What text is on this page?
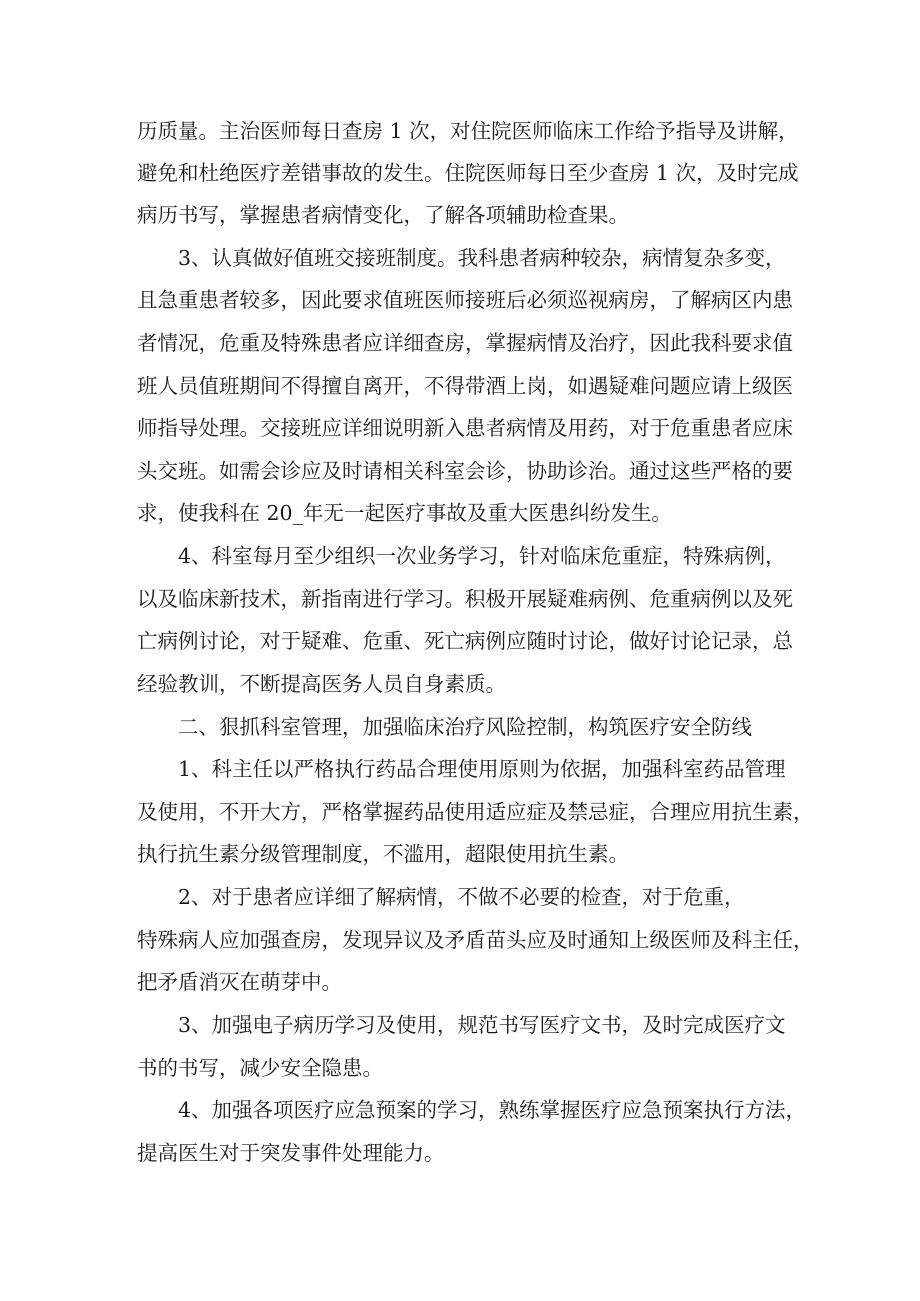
历质量。主治医师每日查房 1 次，对住院医师临床工作给予指导及讲解，
避免和杜绝医疗差错事故的发生。住院医师每日至少查房 1 次，及时完成
病历书写，掌握患者病情变化，了解各项辅助检查果。
3、认真做好值班交接班制度。我科患者病种较杂，病情复杂多变，
且急重患者较多，因此要求值班医师接班后必须巡视病房，了解病区内患
者情况，危重及特殊患者应详细查房，掌握病情及治疗，因此我科要求值
班人员值班期间不得擅自离开，不得带酒上岗，如遇疑难问题应请上级医
师指导处理。交接班应详细说明新入患者病情及用药，对于危重患者应床
头交班。如需会诊应及时请相关科室会诊，协助诊治。通过这些严格的要
求，使我科在 20_年无一起医疗事故及重大医患纠纷发生。
4、科室每月至少组织一次业务学习，针对临床危重症，特殊病例，
以及临床新技术，新指南进行学习。积极开展疑难病例、危重病例以及死
亡病例讨论，对于疑难、危重、死亡病例应随时讨论，做好讨论记录，总
经验教训，不断提高医务人员自身素质。
二、狠抓科室管理，加强临床治疗风险控制，构筑医疗安全防线
1、科主任以严格执行药品合理使用原则为依据，加强科室药品管理
及使用，不开大方，严格掌握药品使用适应症及禁忌症，合理应用抗生素，
执行抗生素分级管理制度，不滥用，超限使用抗生素。
2、对于患者应详细了解病情，不做不必要的检查，对于危重，
特殊病人应加强查房，发现异议及矛盾苗头应及时通知上级医师及科主任，
把矛盾消灭在萌芽中。
3、加强电子病历学习及使用，规范书写医疗文书，及时完成医疗文
书的书写，减少安全隐患。
4、加强各项医疗应急预案的学习，熟练掌握医疗应急预案执行方法，
提高医生对于突发事件处理能力。
